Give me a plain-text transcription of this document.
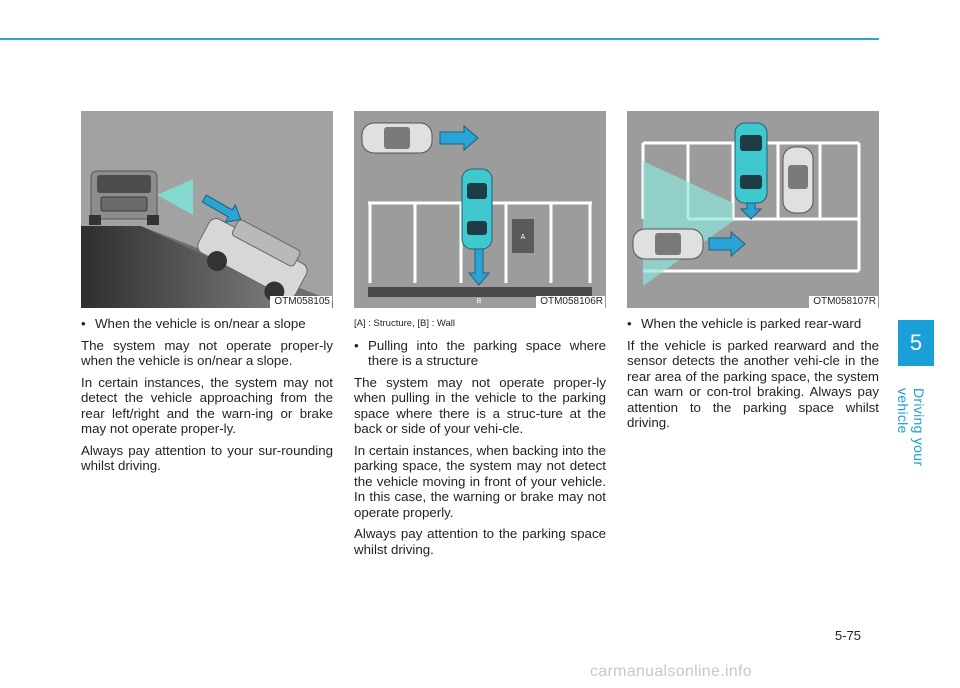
OTM058105
A
B	OTM058106R	OTM058107R
• When the vehicle is on/near a slope

The system may not operate proper-ly when the vehicle is on/near a slope.

In certain instances, the system may not detect the vehicle approaching from the rear left/right and the warn-ing or brake may not operate proper-ly.

Always pay attention to your sur-rounding whilst driving.

[A] : Structure, [B] : Wall
• Pulling into the parking space where there is a structure

The system may not operate proper-ly when pulling in the vehicle to the parking space where there is a struc-ture at the back or side of your vehi-cle.

In certain instances, when backing into the parking space, the system may not detect the vehicle moving in front of your vehicle. In this case, the warning or brake may not operate properly.

Always pay attention to the parking space whilst driving.

• When the vehicle is parked rear-ward

If the vehicle is parked rearward and the sensor detects the another vehi-cle in the rear area of the parking space, the system can warn or con-trol braking. Always pay attention to the parking space whilst driving.

5
Driving your vehicle
5-75
carmanualsonline.info
